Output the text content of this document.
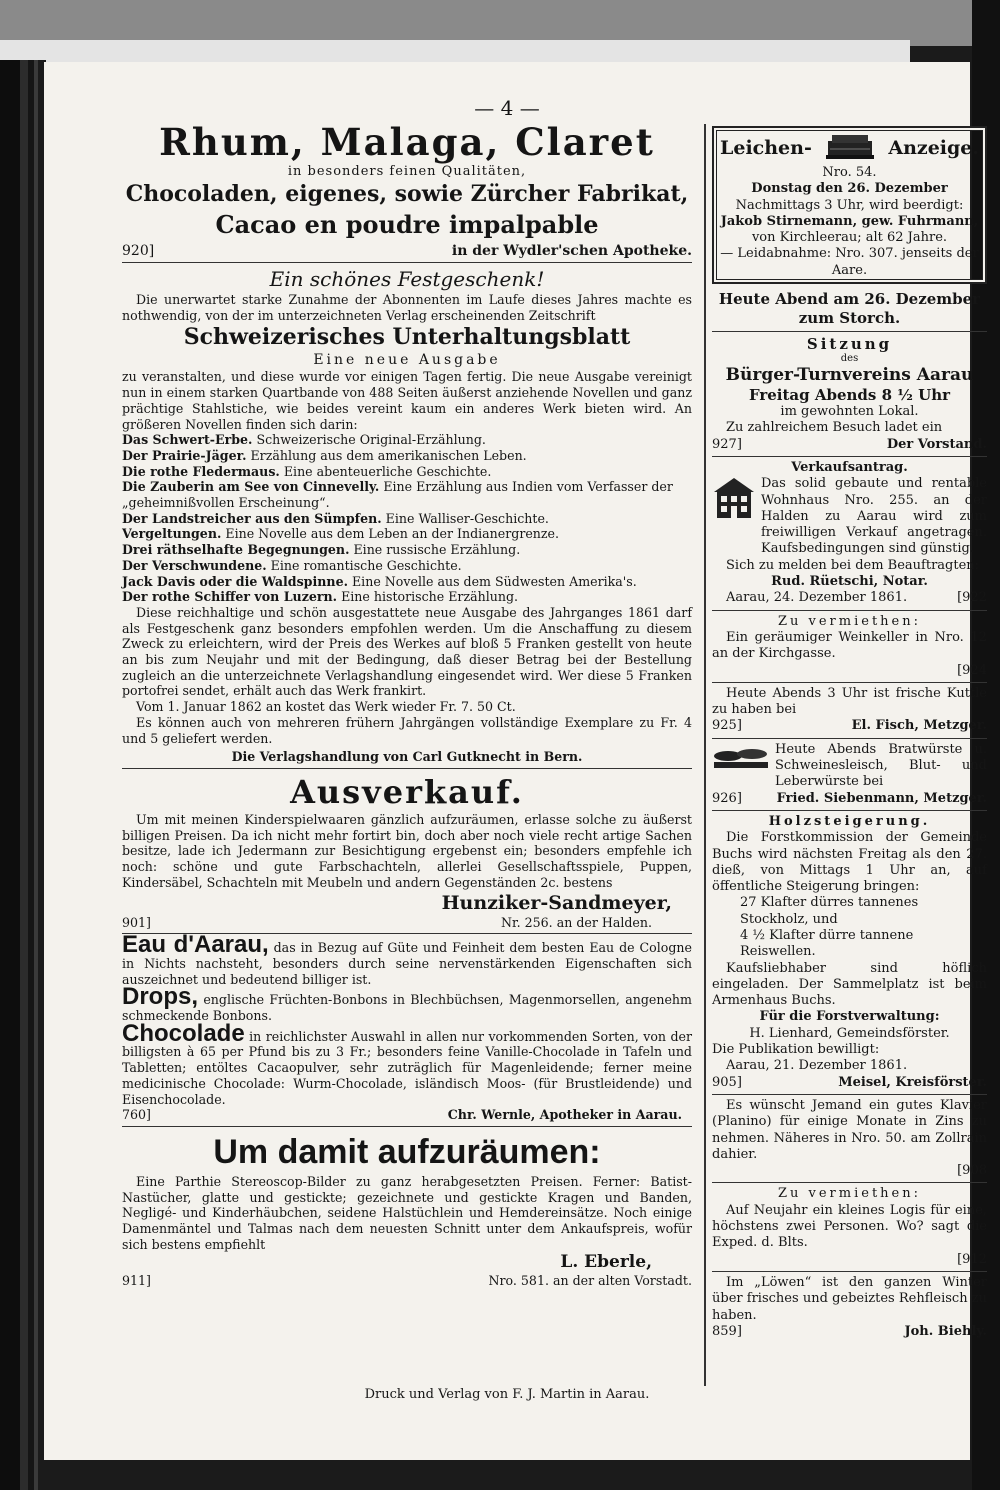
— 4 —
Rhum, Malaga, Claret
in besonders feinen Qualitäten,
Chocoladen, eigenes, sowie Zürcher Fabrikat,
Cacao en poudre impalpable
920]	in der Wydler'schen Apotheke.
Ein schönes Festgeschenk!
Die unerwartet starke Zunahme der Abonnenten im Laufe dieses Jahres machte es nothwendig, von der im unterzeichneten Verlag erscheinenden Zeitschrift
Schweizerisches Unterhaltungsblatt
Eine neue Ausgabe
zu veranstalten, und diese wurde vor einigen Tagen fertig. Die neue Ausgabe vereinigt nun in einem starken Quartbande von 488 Seiten äußerst anziehende Novellen und ganz prächtige Stahlstiche, wie beides vereint kaum ein anderes Werk bieten wird. An größeren Novellen finden sich darin:
Das Schwert-Erbe. Schweizerische Original-Erzählung.
Der Prairie-Jäger. Erzählung aus dem amerikanischen Leben.
Die rothe Fledermaus. Eine abenteuerliche Geschichte.
Die Zauberin am See von Cinnevelly. Eine Erzählung aus Indien vom Verfasser der „geheimnißvollen Erscheinung“.
Der Landstreicher aus den Sümpfen. Eine Walliser-Geschichte.
Vergeltungen. Eine Novelle aus dem Leben an der Indianergrenze.
Drei räthselhafte Begegnungen. Eine russische Erzählung.
Der Verschwundene. Eine romantische Geschichte.
Jack Davis oder die Waldspinne. Eine Novelle aus dem Südwesten Amerika's.
Der rothe Schiffer von Luzern. Eine historische Erzählung.
Diese reichhaltige und schön ausgestattete neue Ausgabe des Jahrganges 1861 darf als Festgeschenk ganz besonders empfohlen werden. Um die Anschaffung zu diesem Zweck zu erleichtern, wird der Preis des Werkes auf bloß 5 Franken gestellt von heute an bis zum Neujahr und mit der Bedingung, daß dieser Betrag bei der Bestellung zugleich an die unterzeichnete Verlagshandlung eingesendet wird. Wer diese 5 Franken portofrei sendet, erhält auch das Werk frankirt.
Vom 1. Januar 1862 an kostet das Werk wieder Fr. 7. 50 Ct.
Es können auch von mehreren frühern Jahrgängen vollständige Exemplare zu Fr. 4 und 5 geliefert werden.
Die Verlagshandlung von Carl Gutknecht in Bern.
Ausverkauf.
Um mit meinen Kinderspielwaaren gänzlich aufzuräumen, erlasse solche zu äußerst billigen Preisen. Da ich nicht mehr fortirt bin, doch aber noch viele recht artige Sachen besitze, lade ich Jedermann zur Besichtigung ergebenst ein; besonders empfehle ich noch: schöne und gute Farbschachteln, allerlei Gesellschaftsspiele, Puppen, Kindersäbel, Schachteln mit Meubeln und andern Gegenständen 2c. bestens
Hunziker-Sandmeyer,
901]	Nr. 256. an der Halden.
Eau d'Aarau, das in Bezug auf Güte und Feinheit dem besten Eau de Cologne in Nichts nachsteht, besonders durch seine nervenstärkenden Eigenschaften sich auszeichnet und bedeutend billiger ist.
Drops, englische Früchten-Bonbons in Blechbüchsen, Magenmorsellen, angenehm schmeckende Bonbons.
Chocolade in reichlichster Auswahl in allen nur vorkommenden Sorten, von der billigsten à 65 per Pfund bis zu 3 Fr.; besonders feine Vanille-Chocolade in Tafeln und Tabletten; entöltes Cacaopulver, sehr zuträglich für Magenleidende; ferner meine medicinische Chocolade: Wurm-Chocolade, isländisch Moos- (für Brustleidende) und Eisenchocolade.
760]	Chr. Wernle, Apotheker in Aarau.
Um damit aufzuräumen:
Eine Parthie Stereoscop-Bilder zu ganz herabgesetzten Preisen. Ferner: Batist-Nastücher, glatte und gestickte; gezeichnete und gestickte Kragen und Banden, Negligé- und Kinderhäubchen, seidene Halstüchlein und Hemdereinsätze. Noch einige Damenmäntel und Talmas nach dem neuesten Schnitt unter dem Ankaufspreis, wofür sich bestens empfiehlt
L. Eberle,
911]	Nro. 581. an der alten Vorstadt.
Leichen-	Anzeige.
Nro. 54.
Donstag den 26. Dezember
Nachmittags 3 Uhr, wird beerdigt:
Jakob Stirnemann, gew. Fuhrmann,
von Kirchleerau; alt 62 Jahre.
— Leidabnahme: Nro. 307. jenseits der Aare.
Heute Abend am 26. Dezember zum Storch.
Sitzung
des
Bürger-Turnvereins Aarau
Freitag Abends 8 ½ Uhr
im gewohnten Lokal.
Zu zahlreichem Besuch ladet ein
927]	Der Vorstand.
Verkaufsantrag.
Das solid gebaute und rentable Wohnhaus Nro. 255. an der Halden zu Aarau wird zum freiwilligen Verkauf angetragen. Kaufsbedingungen sind günstig.
Sich zu melden bei dem Beauftragten:
Rud. Rüetschi, Notar.
Aarau, 24. Dezember 1861.	[922
Zu vermiethen:
Ein geräumiger Weinkeller in Nro. 12 an der Kirchgasse.
[924
Heute Abends 3 Uhr ist frische Kuttle zu haben bei
925]	El. Fisch, Metzger.
Heute Abends Bratwürste u. Schweinesleisch, Blut- und Leberwürste bei
926]	Fried. Siebenmann, Metzger.
Holzsteigerung.
Die Forstkommission der Gemeinde Buchs wird nächsten Freitag als den 27. dieß, von Mittags 1 Uhr an, auf öffentliche Steigerung bringen:
27 Klafter dürres tannenes Stockholz, und
4 ½ Klafter dürre tannene Reiswellen.
Kaufsliebhaber sind höflich eingeladen. Der Sammelplatz ist beim Armenhaus Buchs.
Für die Forstverwaltung:
H. Lienhard, Gemeindsförster.
Die Publikation bewilligt:
Aarau, 21. Dezember 1861.
905]	Meisel, Kreisförster.
Es wünscht Jemand ein gutes Klavier (Planino) für einige Monate in Zins zu nehmen. Näheres in Nro. 50. am Zollrain dahier.
[908
Zu vermiethen:
Auf Neujahr ein kleines Logis für eine, höchstens zwei Personen. Wo? sagt die Exped. d. Blts.
[912
Im „Löwen“ ist den ganzen Winter über frisches und gebeiztes Rehfleisch zu haben.
859]	Joh. Biehly.
Druck und Verlag von F. J. Martin in Aarau.
